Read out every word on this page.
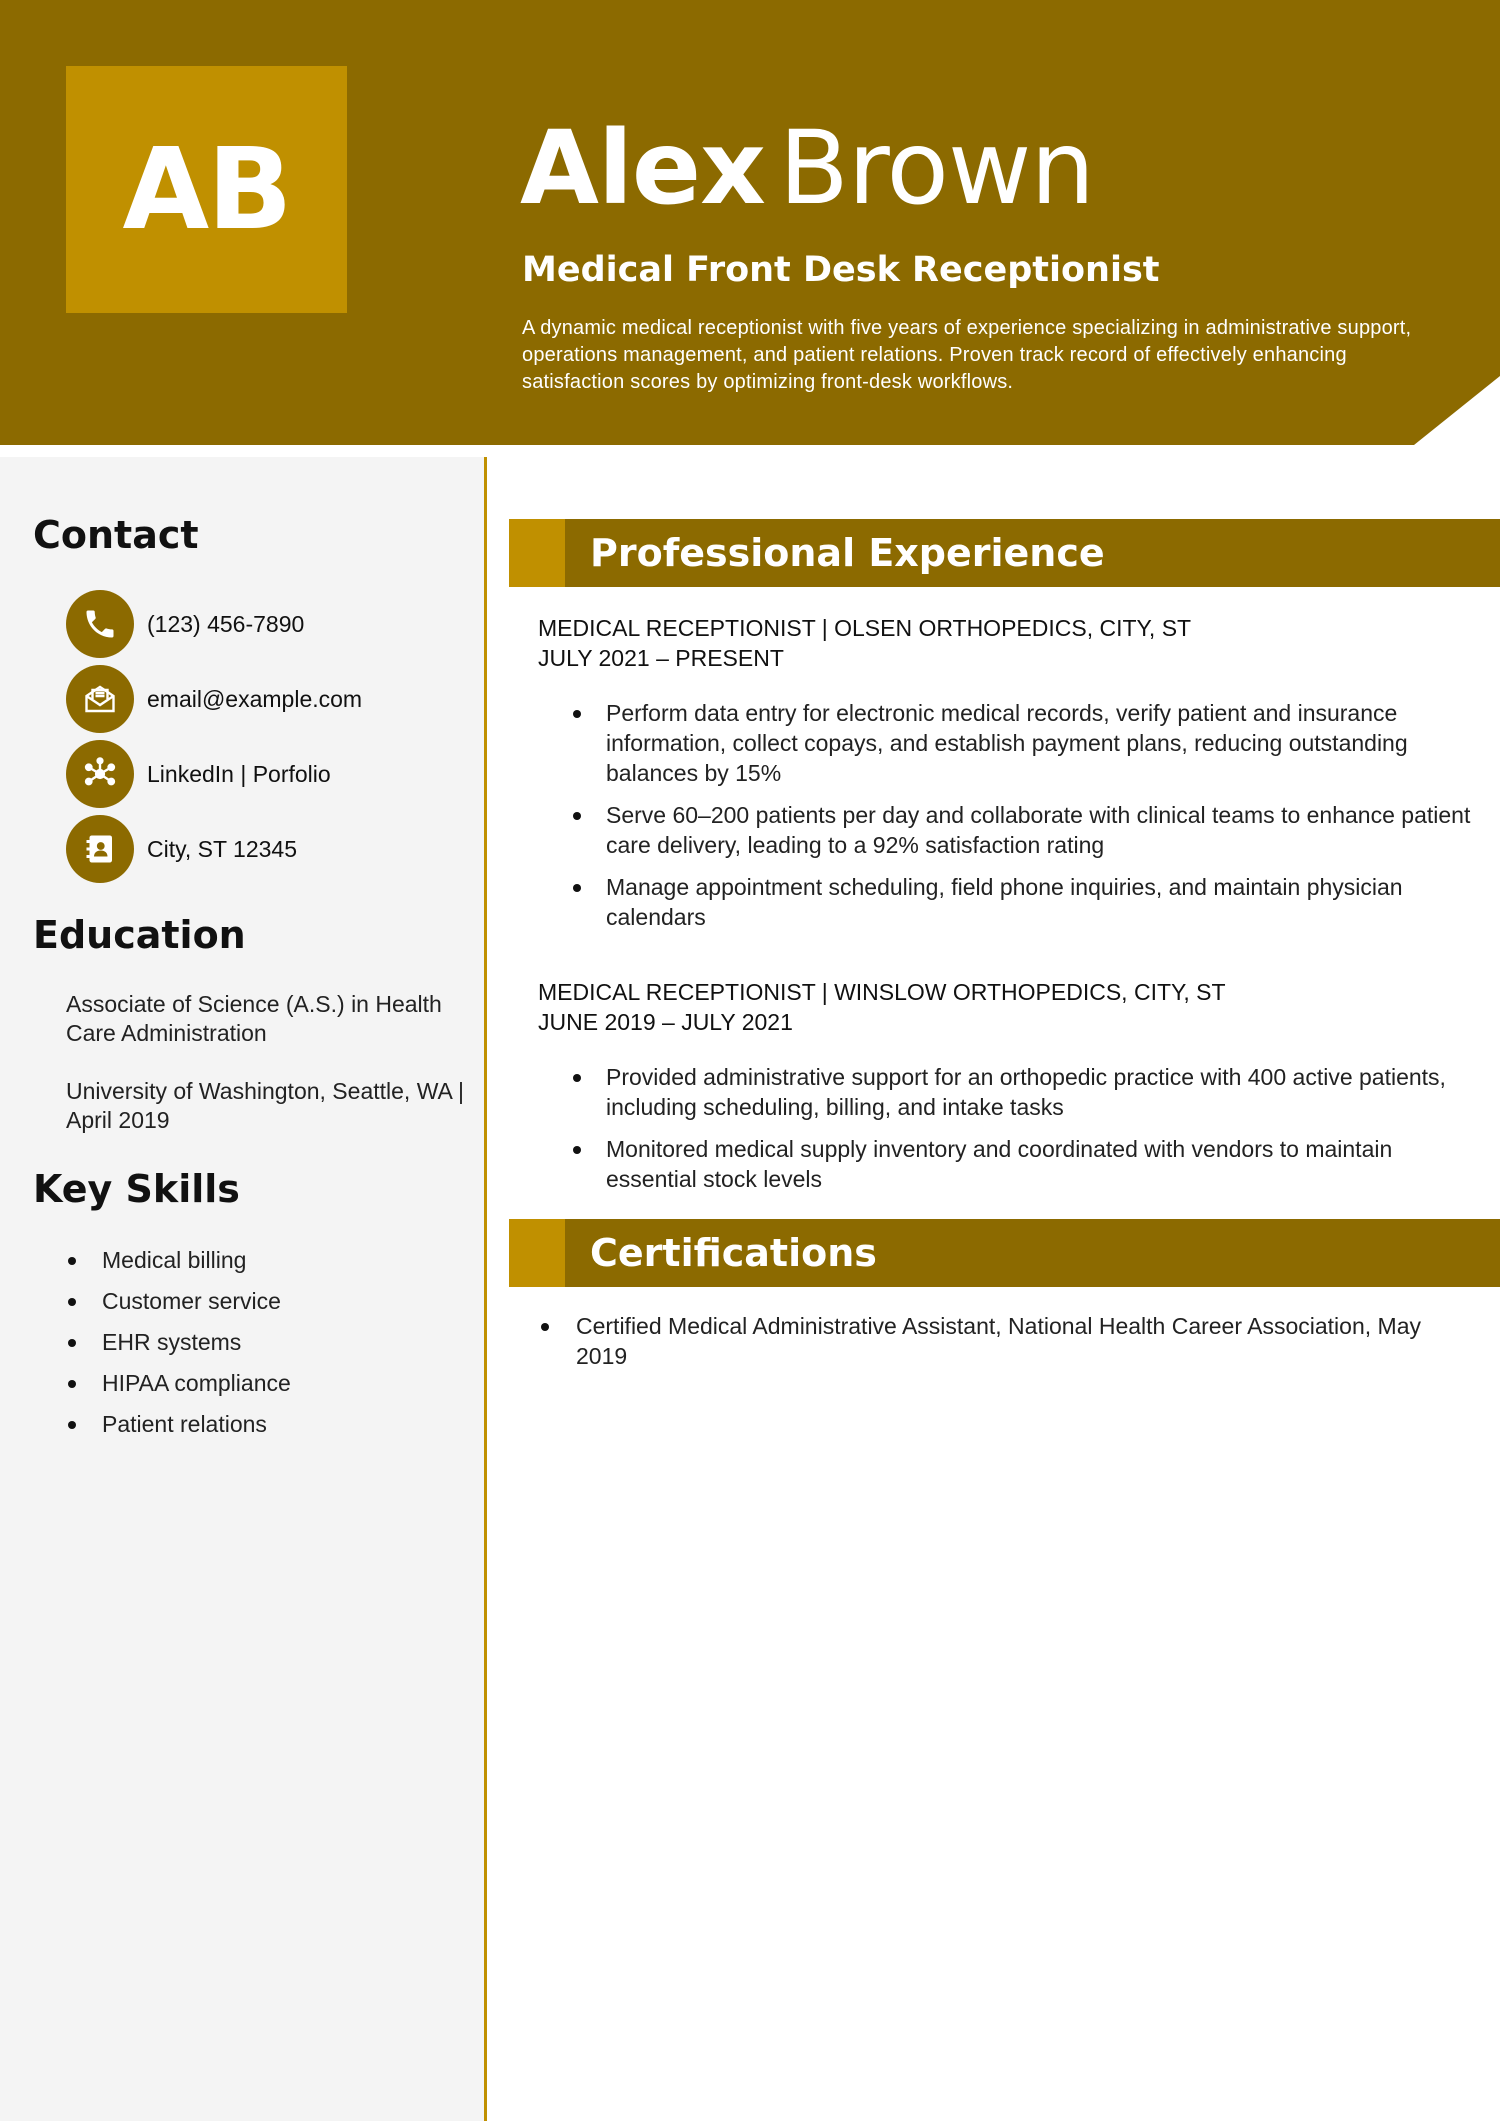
AB	Alex Brown
Medical Front Desk Receptionist

A dynamic medical receptionist with five years of experience specializing in administrative support, operations management, and patient relations. Proven track record of effectively enhancing satisfaction scores by optimizing front-desk workflows.

Contact
(123) 456-7890
email@example.com
LinkedIn | Porfolio
City, ST 12345
Education

Associate of Science (A.S.) in Health Care Administration

University of Washington, Seattle, WA | April 2019

Key Skills
Medical billing
Customer service
EHR systems
HIPAA compliance
Patient relations
Professional Experience

MEDICAL RECEPTIONIST | OLSEN ORTHOPEDICS, CITY, ST

JULY 2021 – PRESENT

Perform data entry for electronic medical records, verify patient and insurance information, collect copays, and establish payment plans, reducing outstanding balances by 15%
Serve 60–200 patients per day and collaborate with clinical teams to enhance patient care delivery, leading to a 92% satisfaction rating
Manage appointment scheduling, field phone inquiries, and maintain physician calendars

MEDICAL RECEPTIONIST | WINSLOW ORTHOPEDICS, CITY, ST

JUNE 2019 – JULY 2021

Provided administrative support for an orthopedic practice with 400 active patients, including scheduling, billing, and intake tasks
Monitored medical supply inventory and coordinated with vendors to maintain essential stock levels
Certifications
Certified Medical Administrative Assistant, National Health Career Association, May 2019
